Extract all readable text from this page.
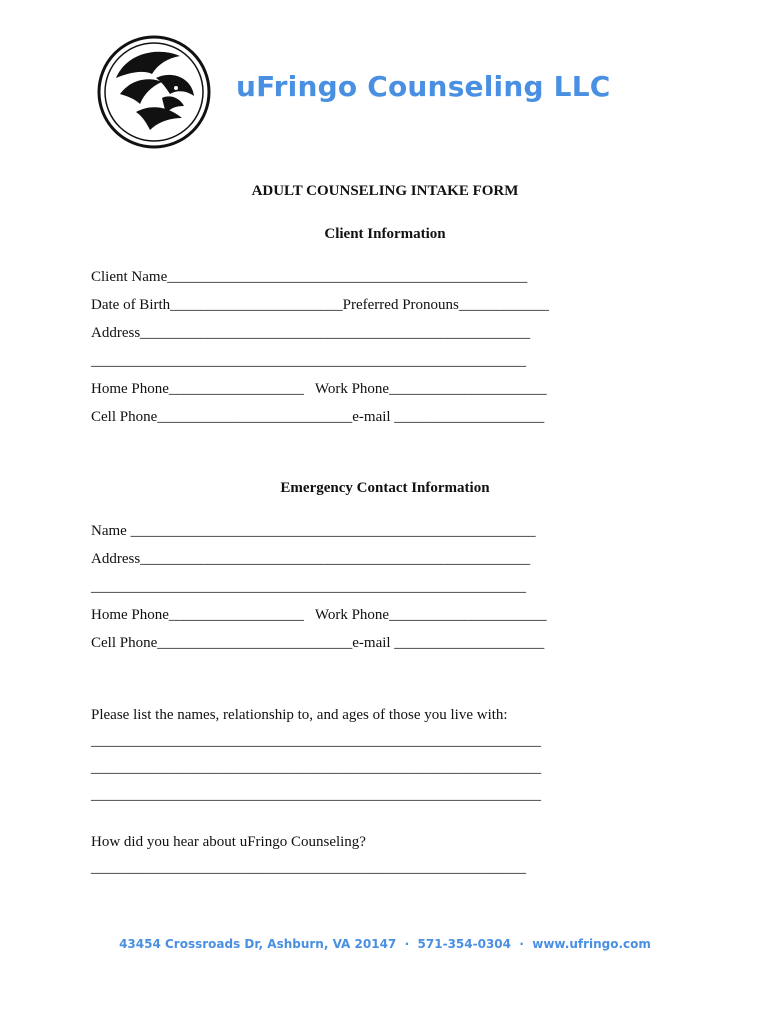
uFringo Counseling LLC
ADULT COUNSELING INTAKE FORM
Client Information
Client Name________________________________________________
Date of Birth_______________________Preferred Pronouns____________
Address____________________________________________________
__________________________________________________________
Home Phone__________________   Work Phone_____________________
Cell Phone__________________________e-mail ____________________
Emergency Contact Information
Name ______________________________________________________
Address____________________________________________________
__________________________________________________________
Home Phone__________________   Work Phone_____________________
Cell Phone__________________________e-mail ____________________
Please list the names, relationship to, and ages of those you live with:
____________________________________________________________
____________________________________________________________
____________________________________________________________
How did you hear about uFringo Counseling?
__________________________________________________________
43454 Crossroads Dr, Ashburn, VA 20147  ·  571-354-0304  ·  www.ufringo.com
